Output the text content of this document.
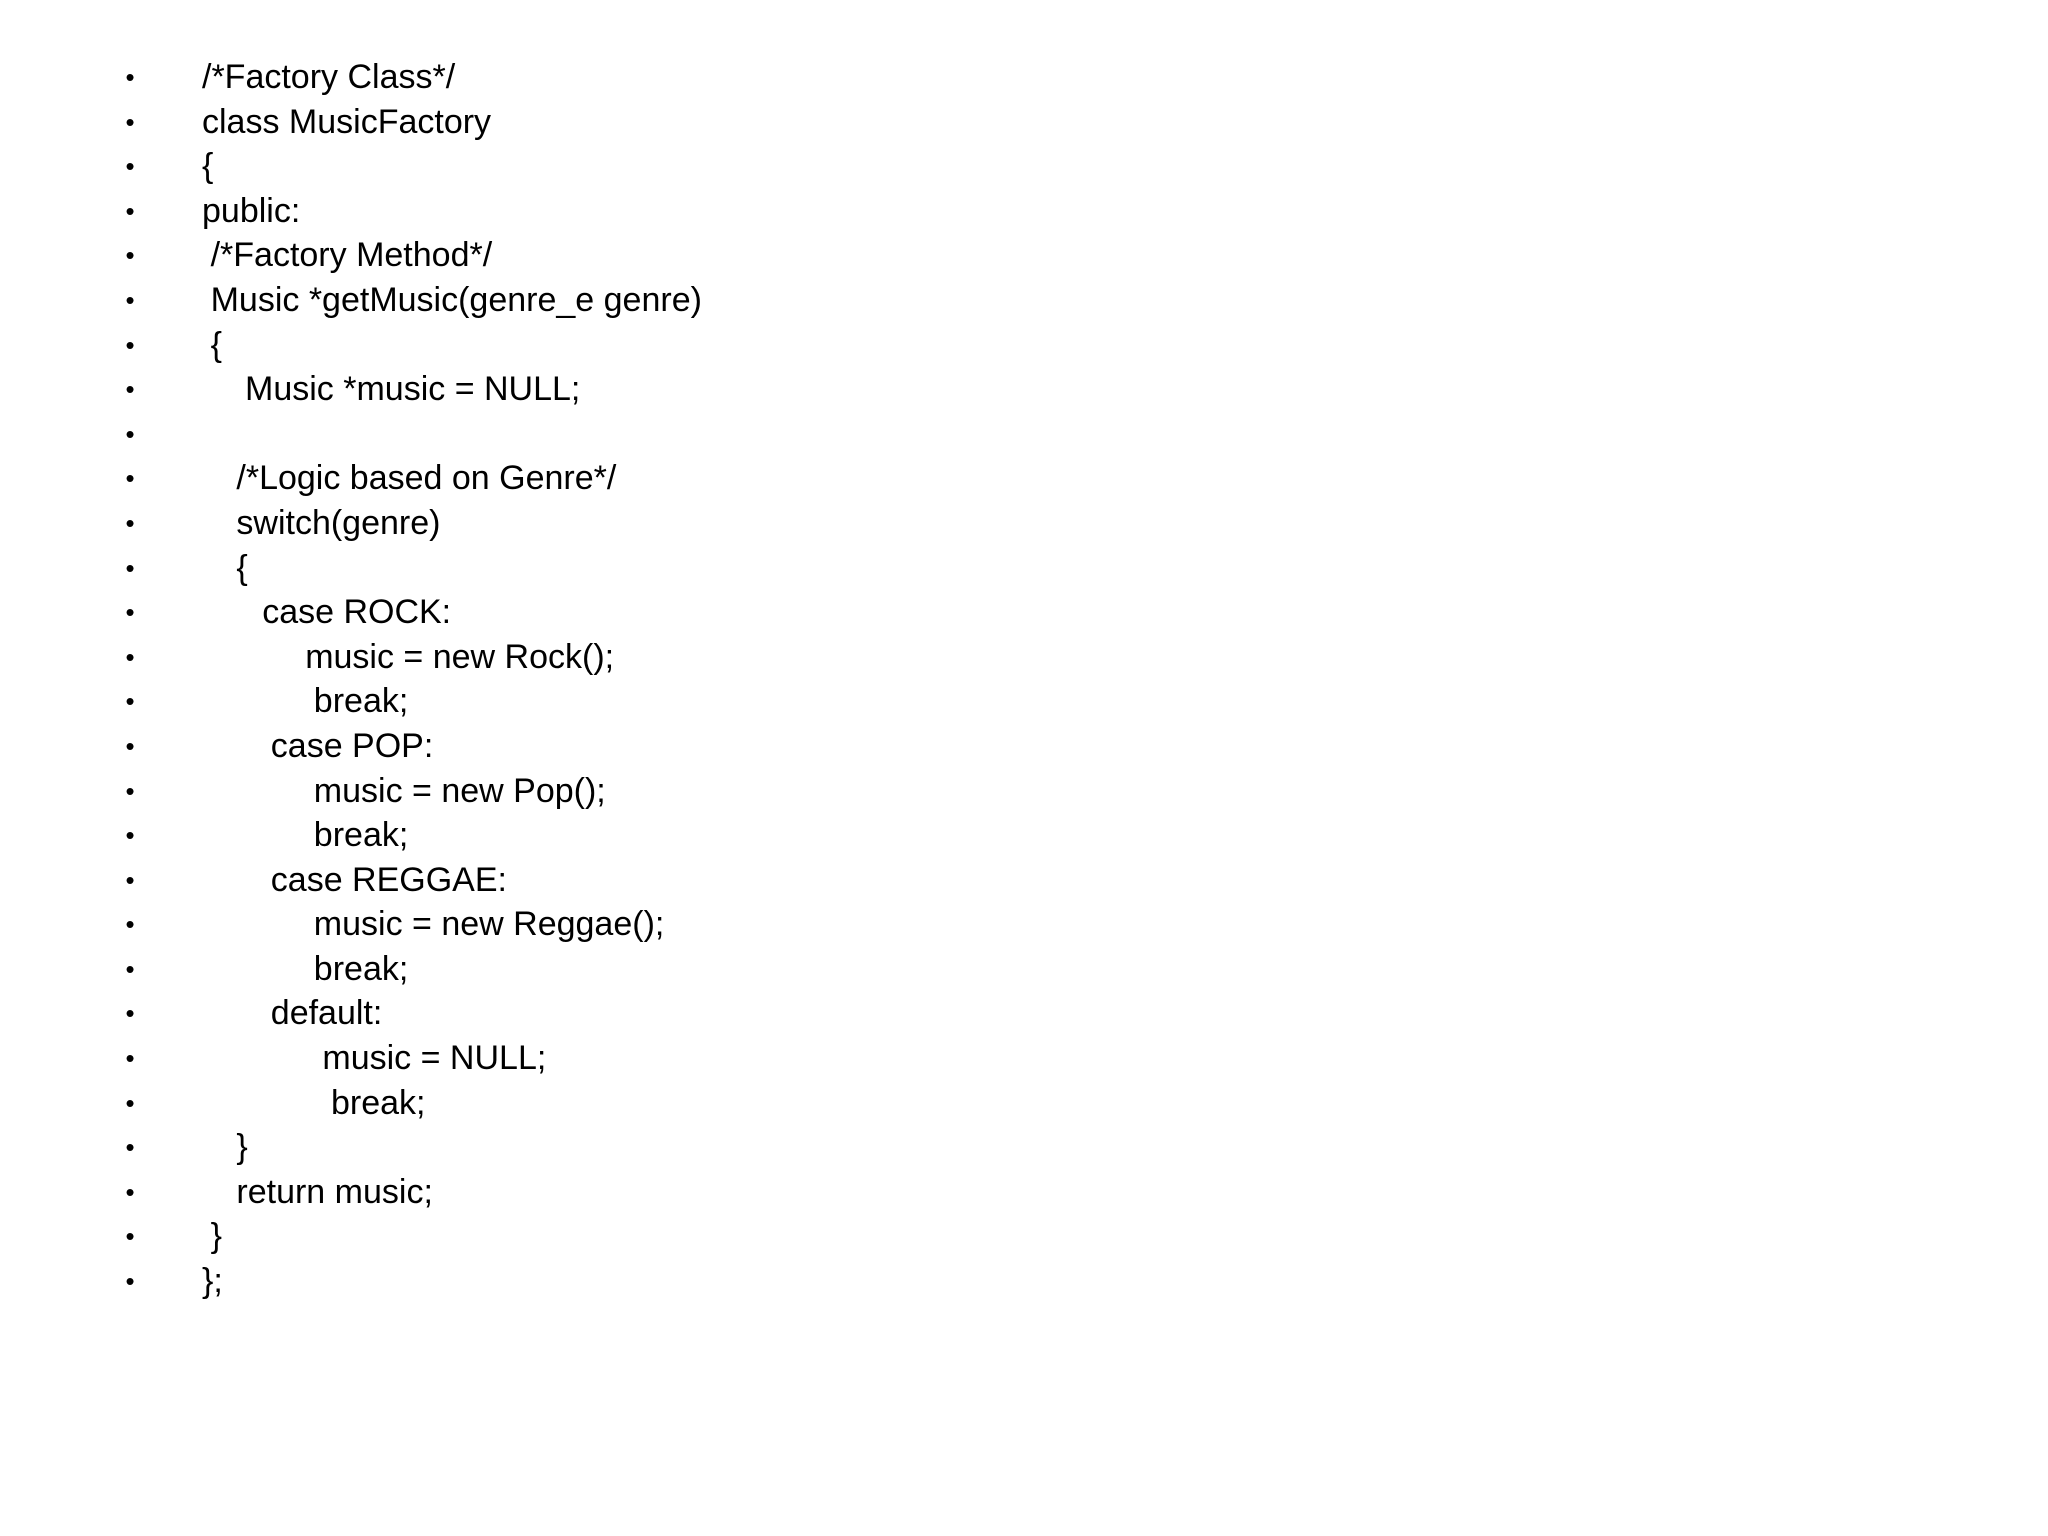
• /*Factory Class*/
• class MusicFactory
• {
• public:
• /*Factory Method*/
• Music *getMusic(genre_e genre)
• {
•	Music *music = NULL;
•
•	/*Logic based on Genre*/
•	switch(genre)
•	{
•	case ROCK:
•	music = new Rock();
•	break;
•	case POP:
•	music = new Pop();
•	break;
•	case REGGAE:
•	music = new Reggae();
•	break;
•	default:
•	music = NULL;
•	break;
•	}
•	return music;
• }
• };
